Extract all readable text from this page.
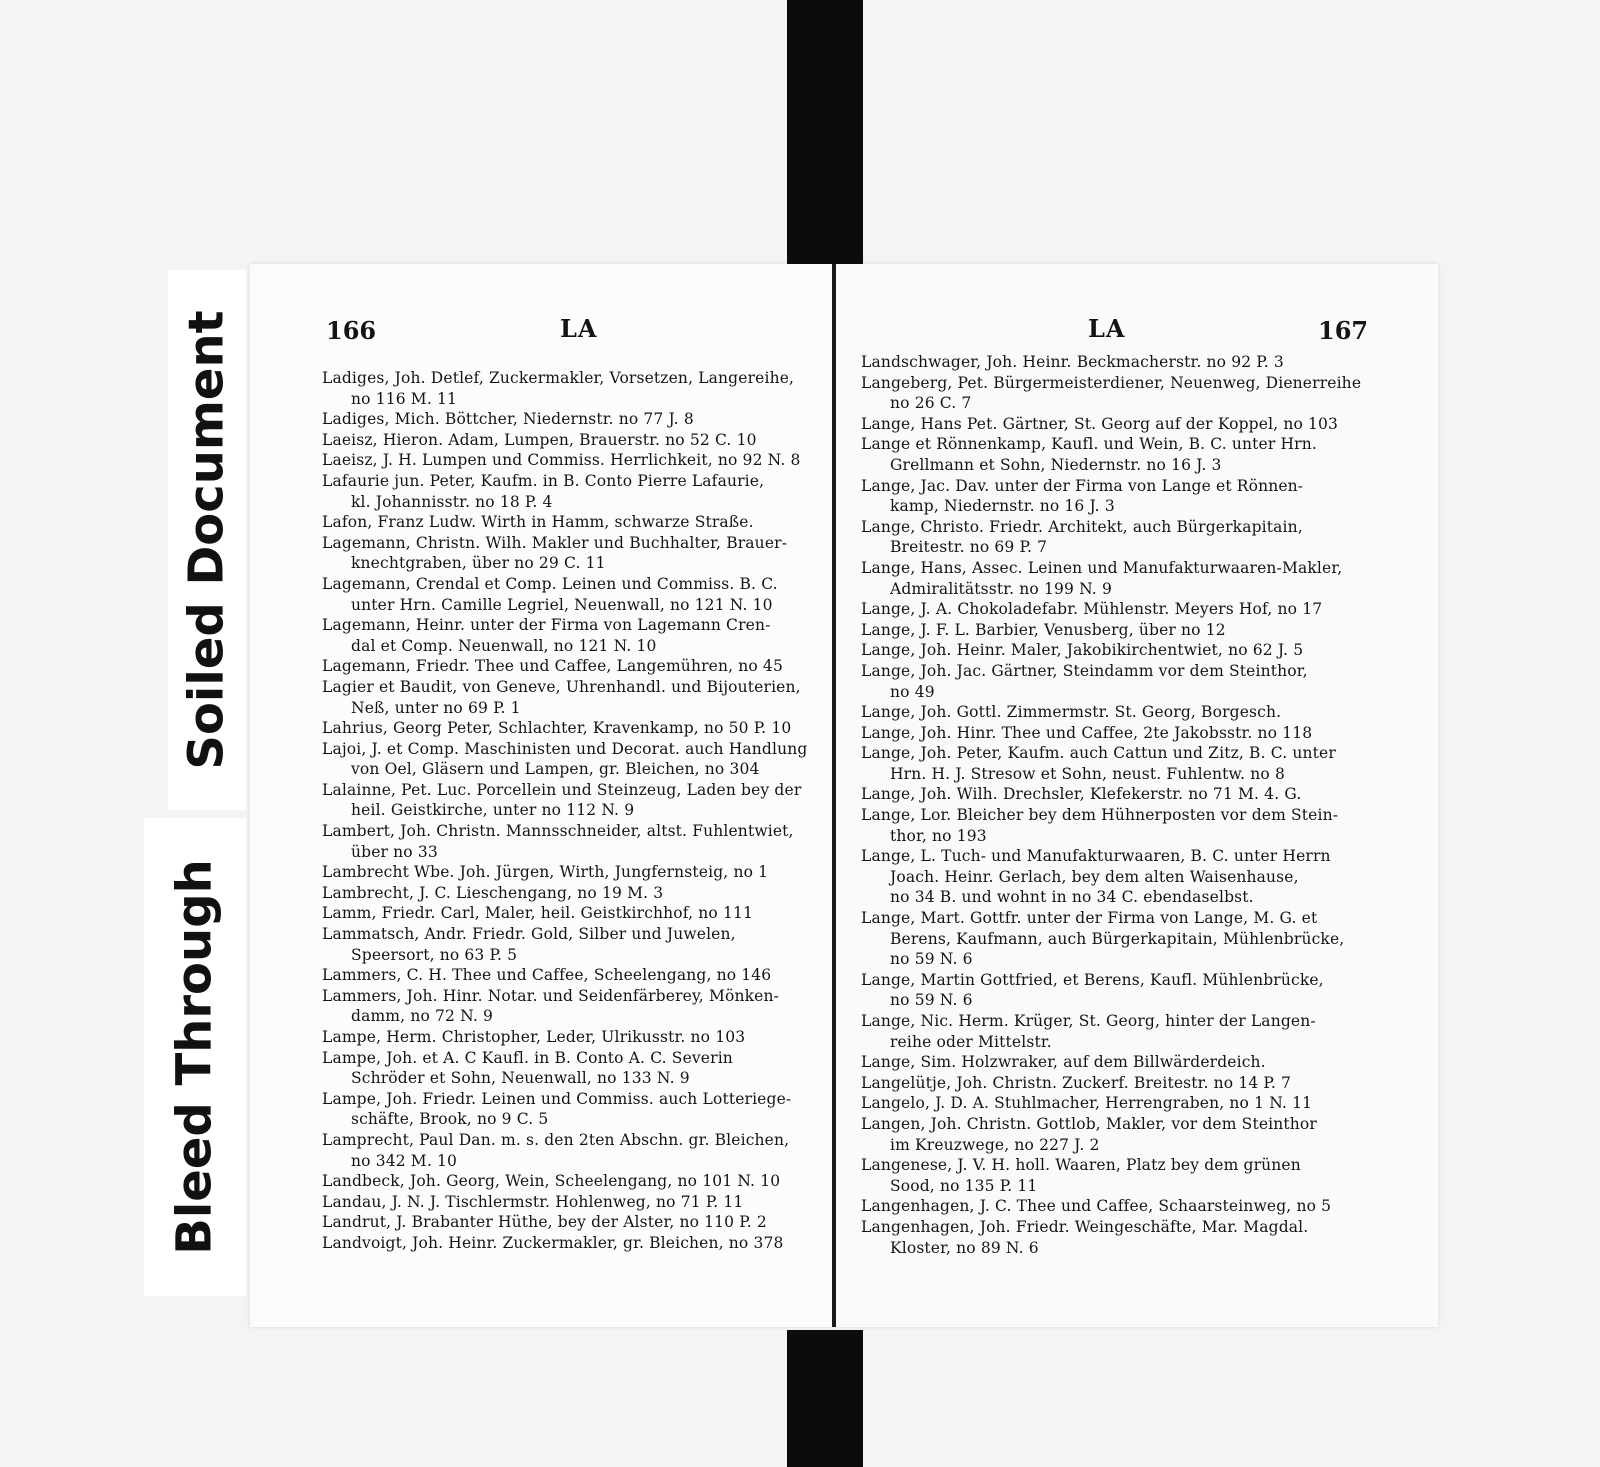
Soiled Document
Bleed Through
166	LA	LA	167
Ladiges, Joh. Detlef, Zuckermakler, Vorsetzen, Langereihe,
no 116 M. 11
Ladiges, Mich. Böttcher, Niedernstr. no 77 J. 8
Laeisz, Hieron. Adam, Lumpen, Brauerstr. no 52 C. 10
Laeisz, J. H. Lumpen und Commiss. Herrlichkeit, no 92 N. 8
Lafaurie jun. Peter, Kaufm. in B. Conto Pierre Lafaurie,
kl. Johannisstr. no 18 P. 4
Lafon, Franz Ludw. Wirth in Hamm, schwarze Straße.
Lagemann, Christn. Wilh. Makler und Buchhalter, Brauer-
knechtgraben, über no 29 C. 11
Lagemann, Crendal et Comp. Leinen und Commiss. B. C.
unter Hrn. Camille Legriel, Neuenwall, no 121 N. 10
Lagemann, Heinr. unter der Firma von Lagemann Cren-
dal et Comp. Neuenwall, no 121 N. 10
Lagemann, Friedr. Thee und Caffee, Langemühren, no 45
Lagier et Baudit, von Geneve, Uhrenhandl. und Bijouterien,
Neß, unter no 69 P. 1
Lahrius, Georg Peter, Schlachter, Kravenkamp, no 50 P. 10
Lajoi, J. et Comp. Maschinisten und Decorat. auch Handlung
von Oel, Gläsern und Lampen, gr. Bleichen, no 304
Lalainne, Pet. Luc. Porcellein und Steinzeug, Laden bey der
heil. Geistkirche, unter no 112 N. 9
Lambert, Joh. Christn. Mannsschneider, altst. Fuhlentwiet,
über no 33
Lambrecht Wbe. Joh. Jürgen, Wirth, Jungfernsteig, no 1
Lambrecht, J. C. Lieschengang, no 19 M. 3
Lamm, Friedr. Carl, Maler, heil. Geistkirchhof, no 111
Lammatsch, Andr. Friedr. Gold, Silber und Juwelen,
Speersort, no 63 P. 5
Lammers, C. H. Thee und Caffee, Scheelengang, no 146
Lammers, Joh. Hinr. Notar. und Seidenfärberey, Mönken-
damm, no 72 N. 9
Lampe, Herm. Christopher, Leder, Ulrikusstr. no 103
Lampe, Joh. et A. C Kaufl. in B. Conto A. C. Severin
Schröder et Sohn, Neuenwall, no 133 N. 9
Lampe, Joh. Friedr. Leinen und Commiss. auch Lotteriege-
schäfte, Brook, no 9 C. 5
Lamprecht, Paul Dan. m. s. den 2ten Abschn. gr. Bleichen,
no 342 M. 10
Landbeck, Joh. Georg, Wein, Scheelengang, no 101 N. 10
Landau, J. N. J. Tischlermstr. Hohlenweg, no 71 P. 11
Landrut, J. Brabanter Hüthe, bey der Alster, no 110 P. 2
Landvoigt, Joh. Heinr. Zuckermakler, gr. Bleichen, no 378
Landschwager, Joh. Heinr. Beckmacherstr. no 92 P. 3
Langeberg, Pet. Bürgermeisterdiener, Neuenweg, Dienerreihe
no 26 C. 7
Lange, Hans Pet. Gärtner, St. Georg auf der Koppel, no 103
Lange et Rönnenkamp, Kaufl. und Wein, B. C. unter Hrn.
Grellmann et Sohn, Niedernstr. no 16 J. 3
Lange, Jac. Dav. unter der Firma von Lange et Rönnen-
kamp, Niedernstr. no 16 J. 3
Lange, Christo. Friedr. Architekt, auch Bürgerkapitain,
Breitestr. no 69 P. 7
Lange, Hans, Assec. Leinen und Manufakturwaaren-Makler,
Admiralitätsstr. no 199 N. 9
Lange, J. A. Chokoladefabr. Mühlenstr. Meyers Hof, no 17
Lange, J. F. L. Barbier, Venusberg, über no 12
Lange, Joh. Heinr. Maler, Jakobikirchentwiet, no 62 J. 5
Lange, Joh. Jac. Gärtner, Steindamm vor dem Steinthor,
no 49
Lange, Joh. Gottl. Zimmermstr. St. Georg, Borgesch.
Lange, Joh. Hinr. Thee und Caffee, 2te Jakobsstr. no 118
Lange, Joh. Peter, Kaufm. auch Cattun und Zitz, B. C. unter
Hrn. H. J. Stresow et Sohn, neust. Fuhlentw. no 8
Lange, Joh. Wilh. Drechsler, Klefekerstr. no 71 M. 4. G.
Lange, Lor. Bleicher bey dem Hühnerposten vor dem Stein-
thor, no 193
Lange, L. Tuch- und Manufakturwaaren, B. C. unter Herrn
Joach. Heinr. Gerlach, bey dem alten Waisenhause,
no 34 B. und wohnt in no 34 C. ebendaselbst.
Lange, Mart. Gottfr. unter der Firma von Lange, M. G. et
Berens, Kaufmann, auch Bürgerkapitain, Mühlenbrücke,
no 59 N. 6
Lange, Martin Gottfried, et Berens, Kaufl. Mühlenbrücke,
no 59 N. 6
Lange, Nic. Herm. Krüger, St. Georg, hinter der Langen-
reihe oder Mittelstr.
Lange, Sim. Holzwraker, auf dem Billwärderdeich.
Langelütje, Joh. Christn. Zuckerf. Breitestr. no 14 P. 7
Langelo, J. D. A. Stuhlmacher, Herrengraben, no 1 N. 11
Langen, Joh. Christn. Gottlob, Makler, vor dem Steinthor
im Kreuzwege, no 227 J. 2
Langenese, J. V. H. holl. Waaren, Platz bey dem grünen
Sood, no 135 P. 11
Langenhagen, J. C. Thee und Caffee, Schaarsteinweg, no 5
Langenhagen, Joh. Friedr. Weingeschäfte, Mar. Magdal.
Kloster, no 89 N. 6
